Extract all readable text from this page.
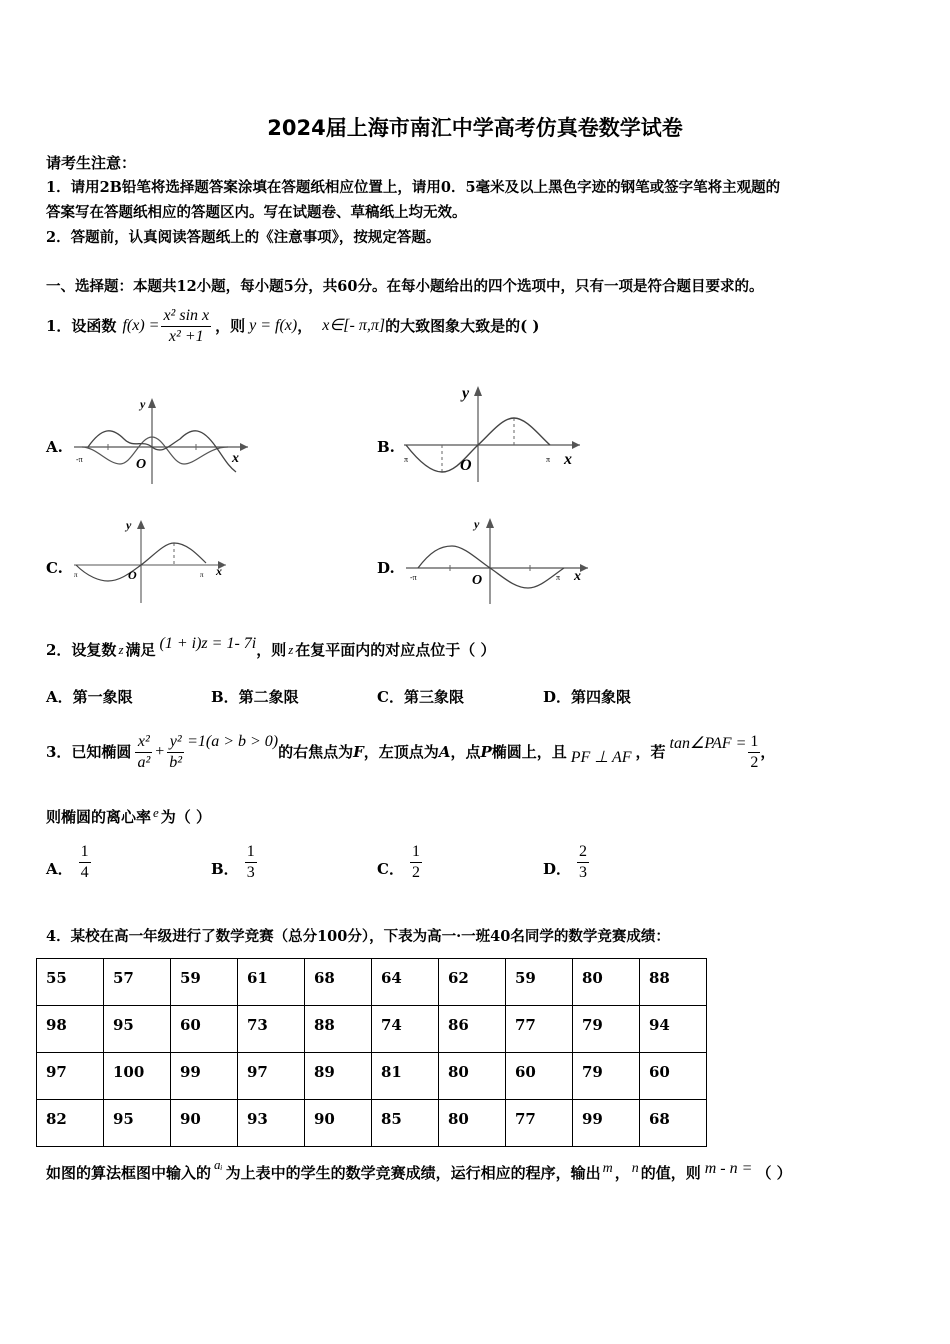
2024届上海市南汇中学高考仿真卷数学试卷
请考生注意：
1．请用2B铅笔将选择题答案涂填在答题纸相应位置上，请用0．5毫米及以上黑色字迹的钢笔或签字笔将主观题的
答案写在答题纸相应的答题区内。写在试题卷、草稿纸上均无效。
2．答题前，认真阅读答题纸上的《注意事项》，按规定答题。
一、选择题：本题共12小题，每小题5分，共60分。在每小题给出的四个选项中，只有一项是符合题目要求的。
1．设函数 $f(x) = \frac{\text{x² sin x}}{\text{x² +1}}$ ，则 y = f(x) ， x∈[- π,π] 的大致图象大致是的( )
A.
y
x
O
-π
B.
y
x
O
π	π
C.
y
x
O
π	π	D.
y
x
O
-π	π
2．设复数 z 满足 (1 + i)z = 1- 7i ，则 z 在复平面内的对应点位于（ ）
A．第一象限	B．第二象限	C．第三象限	D．第四象限
3．已知椭圆 $\frac{\text{x²}}{\text{a²}} + \frac{\text{y²}}{\text{b²}} =1(a > b > 0)$
的右焦点为 F ，左顶点为 A ，点 P 椭圆上，且 PF ⊥ AF ，若 tan∠PAF = $\frac{1}{2}$ ，
则椭圆的离心率 e 为（ ）
A． $\frac{1}{4}$	B． $\frac{1}{3}$	C． $\frac{1}{2}$	D． $\frac{2}{3}$
4．某校在高一年级进行了数学竞赛（总分100分），下表为高一·一班40名同学的数学竞赛成绩：
55	57	59	61	68	64	62	59	80	88
98	95	60	73	88	74	86	77	79	94
97	100	99	97	89	81	80	60	79	60
82	95	90	93	90	85	80	77	99	68
如图的算法框图中输入的 aᵢ 为上表中的学生的数学竞赛成绩，运行相应的程序，输出 m ， n 的值，则 m - n = （ ）
